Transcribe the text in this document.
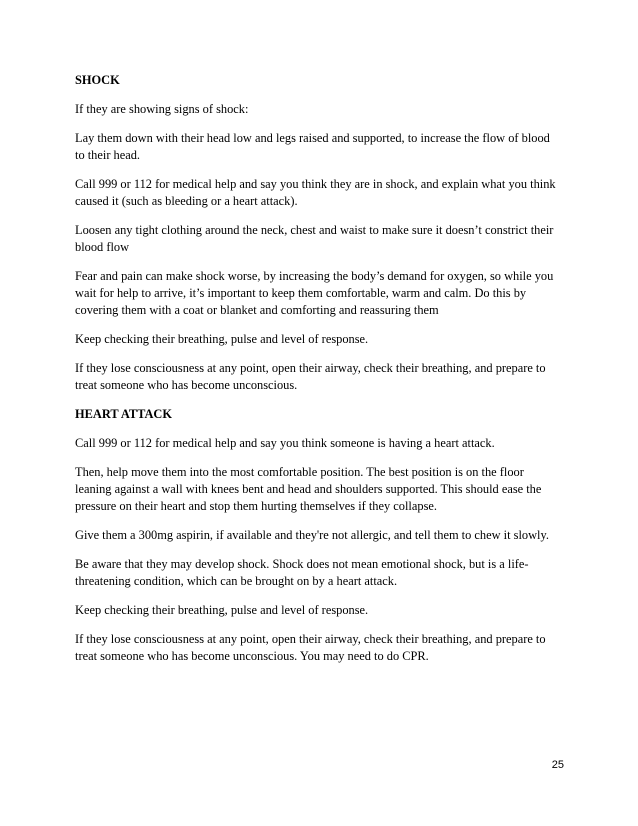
SHOCK
If they are showing signs of shock:
Lay them down with their head low and legs raised and supported, to increase the flow of blood
to their head.
Call 999 or 112 for medical help and say you think they are in shock, and explain what you think
caused it (such as bleeding or a heart attack).
Loosen any tight clothing around the neck, chest and waist to make sure it doesn’t constrict their
blood flow
Fear and pain can make shock worse, by increasing the body’s demand for oxygen, so while you
wait for help to arrive, it’s important to keep them comfortable, warm and calm. Do this by
covering them with a coat or blanket and comforting and reassuring them
Keep checking their breathing, pulse and level of response.
If they lose consciousness at any point, open their airway, check their breathing, and prepare to
treat someone who has become unconscious.
HEART ATTACK
Call 999 or 112 for medical help and say you think someone is having a heart attack.
Then, help move them into the most comfortable position. The best position is on the floor
leaning against a wall with knees bent and head and shoulders supported. This should ease the
pressure on their heart and stop them hurting themselves if they collapse.
Give them a 300mg aspirin, if available and they're not allergic, and tell them to chew it slowly.
Be aware that they may develop shock. Shock does not mean emotional shock, but is a life-
threatening condition, which can be brought on by a heart attack.
Keep checking their breathing, pulse and level of response.
If they lose consciousness at any point, open their airway, check their breathing, and prepare to
treat someone who has become unconscious. You may need to do CPR.
25
